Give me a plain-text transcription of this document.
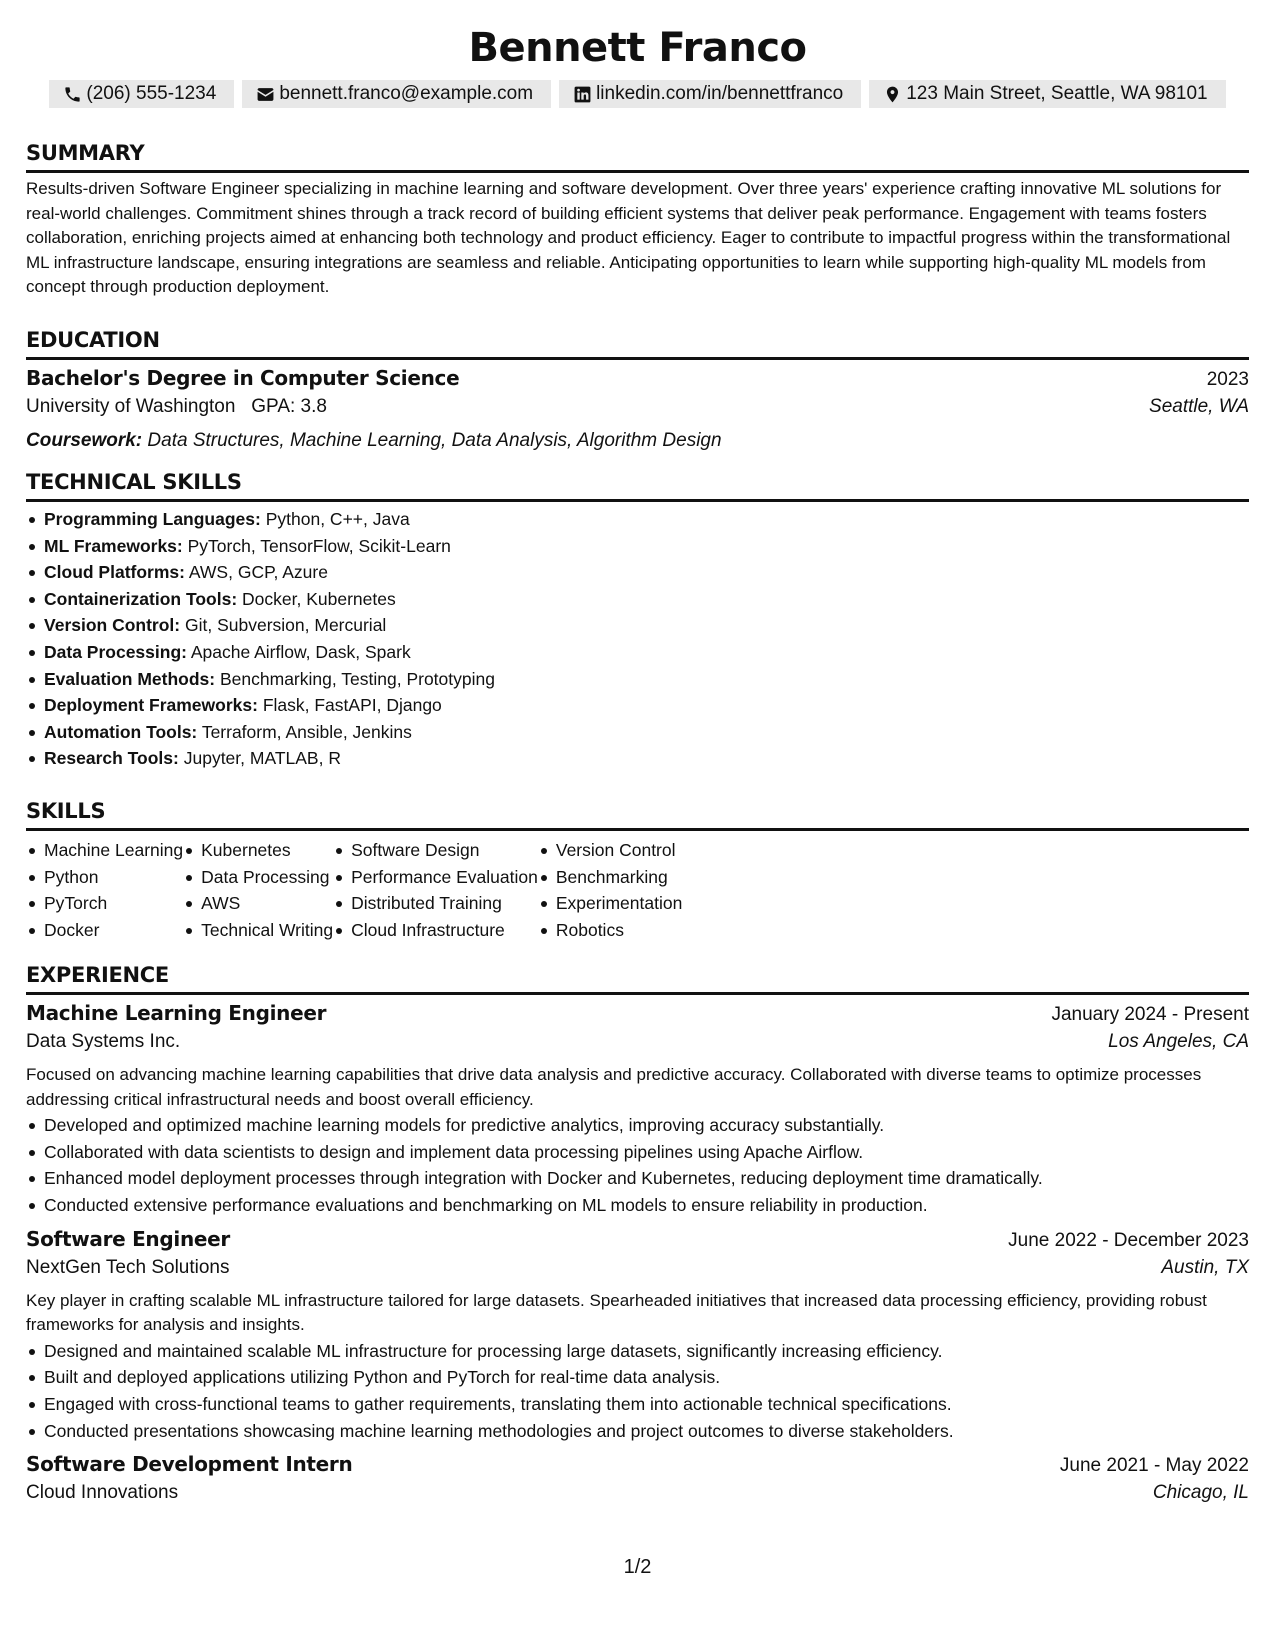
Bennett Franco
(206) 555-1234	bennett.franco@example.com	linkedin.com/in/bennettfranco	123 Main Street, Seattle, WA 98101
SUMMARY
Results-driven Software Engineer specializing in machine learning and software development. Over three years' experience crafting innovative ML solutions for real-world challenges. Commitment shines through a track record of building efficient systems that deliver peak performance. Engagement with teams fosters collaboration, enriching projects aimed at enhancing both technology and product efficiency. Eager to contribute to impactful progress within the transformational ML infrastructure landscape, ensuring integrations are seamless and reliable. Anticipating opportunities to learn while supporting high-quality ML models from concept through production deployment.
EDUCATION
Bachelor's Degree in Computer Science	2023
University of Washington GPA: 3.8	Seattle, WA
Coursework: Data Structures, Machine Learning, Data Analysis, Algorithm Design
TECHNICAL SKILLS
Programming Languages: Python, C++, Java
ML Frameworks: PyTorch, TensorFlow, Scikit-Learn
Cloud Platforms: AWS, GCP, Azure
Containerization Tools: Docker, Kubernetes
Version Control: Git, Subversion, Mercurial
Data Processing: Apache Airflow, Dask, Spark
Evaluation Methods: Benchmarking, Testing, Prototyping
Deployment Frameworks: Flask, FastAPI, Django
Automation Tools: Terraform, Ansible, Jenkins
Research Tools: Jupyter, MATLAB, R
SKILLS
Machine Learning
Python
PyTorch
Docker
Kubernetes
Data Processing
AWS
Technical Writing
Software Design
Performance Evaluation
Distributed Training
Cloud Infrastructure
Version Control
Benchmarking
Experimentation
Robotics
EXPERIENCE
Machine Learning Engineer	January 2024 - Present
Data Systems Inc.	Los Angeles, CA
Focused on advancing machine learning capabilities that drive data analysis and predictive accuracy. Collaborated with diverse teams to optimize processes addressing critical infrastructural needs and boost overall efficiency.
Developed and optimized machine learning models for predictive analytics, improving accuracy substantially.
Collaborated with data scientists to design and implement data processing pipelines using Apache Airflow.
Enhanced model deployment processes through integration with Docker and Kubernetes, reducing deployment time dramatically.
Conducted extensive performance evaluations and benchmarking on ML models to ensure reliability in production.
Software Engineer	June 2022 - December 2023
NextGen Tech Solutions	Austin, TX
Key player in crafting scalable ML infrastructure tailored for large datasets. Spearheaded initiatives that increased data processing efficiency, providing robust frameworks for analysis and insights.
Designed and maintained scalable ML infrastructure for processing large datasets, significantly increasing efficiency.
Built and deployed applications utilizing Python and PyTorch for real-time data analysis.
Engaged with cross-functional teams to gather requirements, translating them into actionable technical specifications.
Conducted presentations showcasing machine learning methodologies and project outcomes to diverse stakeholders.
Software Development Intern	June 2021 - May 2022
Cloud Innovations	Chicago, IL
1/2
